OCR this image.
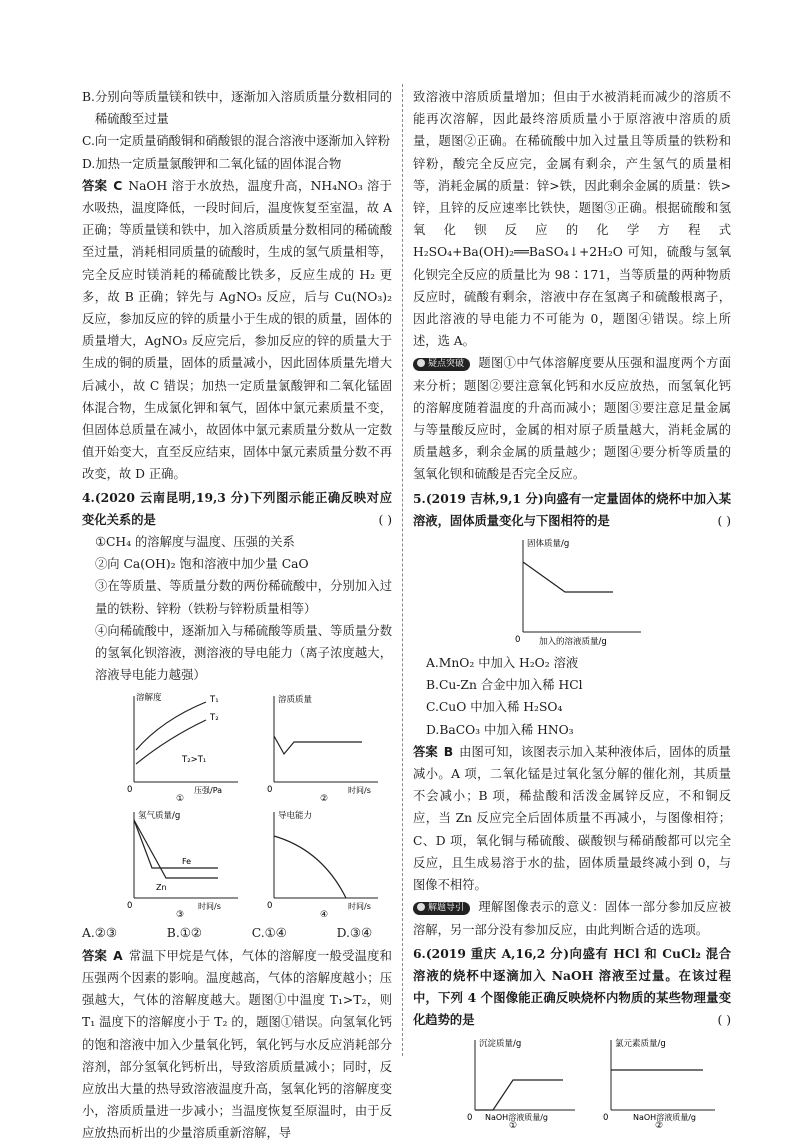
B.分别向等质量镁和铁中，逐渐加入溶质质量分数相同的稀硫酸至过量

C.向一定质量硝酸铜和硝酸银的混合溶液中逐渐加入锌粉

D.加热一定质量氯酸钾和二氧化锰的固体混合物

答案 C NaOH 溶于水放热，温度升高，NH₄NO₃ 溶于水吸热，温度降低，一段时间后，温度恢复至室温，故 A 正确；等质量镁和铁中，加入溶质质量分数相同的稀硫酸至过量，消耗相同质量的硫酸时，生成的氢气质量相等，完全反应时镁消耗的稀硫酸比铁多，反应生成的 H₂ 更多，故 B 正确；锌先与 AgNO₃ 反应，后与 Cu(NO₃)₂ 反应，参加反应的锌的质量小于生成的银的质量，固体的质量增大，AgNO₃ 反应完后，参加反应的锌的质量大于生成的铜的质量，固体的质量减小，因此固体质量先增大后减小，故 C 错误；加热一定质量氯酸钾和二氧化锰固体混合物，生成氯化钾和氧气，固体中氯元素质量不变，但固体总质量在减小，故固体中氯元素质量分数从一定数值开始变大，直至反应结束，固体中氯元素质量分数不再改变，故 D 正确。

4.(2020 云南昆明,19,3 分)下列图示能正确反映对应变化关系的是	( )

①CH₄ 的溶解度与温度、压强的关系

②向 Ca(OH)₂ 饱和溶液中加少量 CaO

③在等质量、等质量分数的两份稀硫酸中，分别加入过量的铁粉、锌粉（铁粉与锌粉质量相等）

④向稀硫酸中，逐渐加入与稀硫酸等质量、等质量分数的氢氧化钡溶液，测溶液的导电能力（离子浓度越大，溶液导电能力越强）

溶解度	T₁
T₂
T₂>T₁
0	压强/Pa
①
溶质质量
0	时间/s
②
氢气质量/g
Fe
Zn
0	时间/s
③
导电能力
0	时间/s
④

A.②③	B.①②	C.①④	D.③④

答案 A 常温下甲烷是气体，气体的溶解度一般受温度和压强两个因素的影响。温度越高，气体的溶解度越小；压强越大，气体的溶解度越大。题图①中温度 T₁>T₂，则 T₁ 温度下的溶解度小于 T₂ 的，题图①错误。向氢氧化钙的饱和溶液中加入少量氧化钙，氧化钙与水反应消耗部分溶剂，部分氢氧化钙析出，导致溶质质量减小；同时，反应放出大量的热导致溶液温度升高，氢氧化钙的溶解度变小，溶质质量进一步减小；当温度恢复至原温时，由于反应放热而析出的少量溶质重新溶解，导

致溶液中溶质质量增加；但由于水被消耗而减少的溶质不能再次溶解，因此最终溶质质量小于原溶液中溶质的质量，题图②正确。在稀硫酸中加入过量且等质量的铁粉和锌粉，酸完全反应完，金属有剩余，产生氢气的质量相等，消耗金属的质量：锌>铁，因此剩余金属的质量：铁>锌，且锌的反应速率比铁快，题图③正确。根据硫酸和氢氧化钡反应的化学方程式 H₂SO₄+Ba(OH)₂══BaSO₄↓+2H₂O 可知，硫酸与氢氧化钡完全反应的质量比为 98∶171，当等质量的两种物质反应时，硫酸有剩余，溶液中存在氢离子和硫酸根离子，因此溶液的导电能力不可能为 0，题图④错误。综上所述，选 A。

疑点突破 题图①中气体溶解度要从压强和温度两个方面来分析；题图②要注意氧化钙和水反应放热，而氢氧化钙的溶解度随着温度的升高而减小；题图③要注意足量金属与等量酸反应时，金属的相对原子质量越大，消耗金属的质量越多，剩余金属的质量越少；题图④要分析等质量的氢氧化钡和硫酸是否完全反应。

5.(2019 吉林,9,1 分)向盛有一定量固体的烧杯中加入某溶液，固体质量变化与下图相符的是	( )

固体质量/g
0 加入的溶液质量/g

A.MnO₂ 中加入 H₂O₂ 溶液

B.Cu-Zn 合金中加入稀 HCl

C.CuO 中加入稀 H₂SO₄

D.BaCO₃ 中加入稀 HNO₃

答案 B 由图可知，该图表示加入某种液体后，固体的质量减小。A 项，二氧化锰是过氧化氢分解的催化剂，其质量不会减小；B 项，稀盐酸和活泼金属锌反应，不和铜反应，当 Zn 反应完全后固体质量不再减小，与图像相符；C、D 项，氧化铜与稀硫酸、碳酸钡与稀硝酸都可以完全反应，且生成易溶于水的盐，固体质量最终减小到 0，与图像不相符。

解题导引 理解图像表示的意义：固体一部分参加反应被溶解，另一部分没有参加反应，由此判断合适的选项。

6.(2019 重庆 A,16,2 分)向盛有 HCl 和 CuCl₂ 混合溶液的烧杯中逐滴加入 NaOH 溶液至过量。在该过程中，下列 4 个图像能正确反映烧杯内物质的某些物理量变化趋势的是	( )

沉淀质量/g
0 NaOH溶液质量/g
①
氯元素质量/g
0	NaOH溶液质量/g
②
